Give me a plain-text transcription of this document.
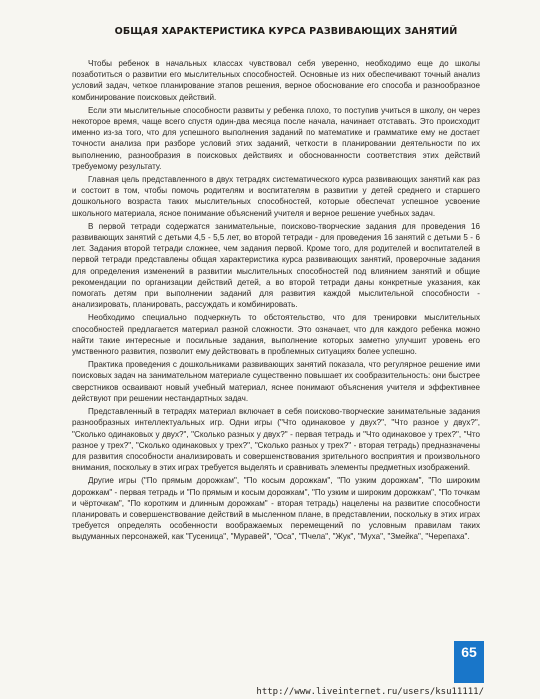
ОБЩАЯ ХАРАКТЕРИСТИКА КУРСА РАЗВИВАЮЩИХ ЗАНЯТИЙ

Чтобы ребенок в начальных классах чувствовал себя уверенно, необходимо еще до школы позаботиться о развитии его мыслительных способностей. Основные из них обеспечивают точный анализ условий задач, четкое планирование этапов решения, верное обоснование его способа и разнообразное комбинирование поисковых действий.

Если эти мыслительные способности развиты у ребенка плохо, то поступив учиться в школу, он через некоторое время, чаще всего спустя один-два месяца после начала, начинает отставать. Это происходит именно из-за того, что для успешного выполнения заданий по математике и грамматике ему не достает точности анализа при разборе условий этих заданий, четкости в планировании деятельности по их выполнению, разнообразия в поисковых действиях и обоснованности соответствия этих действий требуемому результату.

Главная цель представленного в двух тетрадях систематического курса развивающих занятий как раз и состоит в том, чтобы помочь родителям и воспитателям в развитии у детей среднего и старшего дошкольного возраста таких мыслительных способностей, которые обеспечат успешное усвоение школьного материала, ясное понимание объяснений учителя и верное решение учебных задач.

В первой тетради содержатся занимательные, поисково-творческие задания для проведения 16 развивающих занятий с детьми 4,5 - 5,5 лет, во второй тетради - для проведения 16 занятий с детьми 5 - 6 лет. Задания второй тетради сложнее, чем задания первой. Кроме того, для родителей и воспитателей в первой тетради представлены общая характеристика курса развивающих занятий, проверочные задания для определения изменений в развитии мыслительных способностей под влиянием занятий и общие рекомендации по организации действий детей, а во второй тетради даны конкретные указания, как помогать детям при выполнении заданий для развития каждой мыслительной способности - анализировать, планировать, рассуждать и комбинировать.

Необходимо специально подчеркнуть то обстоятельство, что для тренировки мыслительных способностей предлагается материал разной сложности. Это означает, что для каждого ребенка можно найти такие интересные и посильные задания, выполнение которых заметно улучшит уровень его умственного развития, позволит ему действовать в проблемных ситуациях более успешно.

Практика проведения с дошкольниками развивающих занятий показала, что регулярное решение ими поисковых задач на занимательном материале существенно повышает их сообразительность: они быстрее сверстников осваивают новый учебный материал, яснее понимают объяснения учителя и эффективнее действуют при решении нестандартных задач.

Представленный в тетрадях материал включает в себя поисково-творческие занимательные задания разнообразных интеллектуальных игр. Одни игры ("Что одинаковое у двух?", "Что разное у двух?", "Сколько одинаковых у двух?", "Сколько разных у двух?" - первая тетрадь и "Что одинаковое у трех?", "Что разное у трех?", "Сколько одинаковых у трех?", "Сколько разных у трех?" - вторая тетрадь) предназначены для развития способности анализировать и совершенствования зрительного восприятия и произвольного внимания, поскольку в этих играх требуется выделять и сравнивать элементы предметных изображений.

Другие игры ("По прямым дорожкам", "По косым дорожкам", "По узким дорожкам", "По широким дорожкам" - первая тетрадь и "По прямым и косым дорожкам", "По узким и широким дорожкам", "По точкам и чёрточкам", "По коротким и длинным дорожкам" - вторая тетрадь) нацелены на развитие способности планировать и совершенствование действий в мысленном плане, в представлении, поскольку в этих играх требуется определять особенности воображаемых перемещений по условным правилам таких выдуманных персонажей, как "Гусеница", "Муравей", "Оса", "Пчела", "Жук", "Муха", "Змейка", "Черепаха".

65
http://www.liveinternet.ru/users/ksu11111/
